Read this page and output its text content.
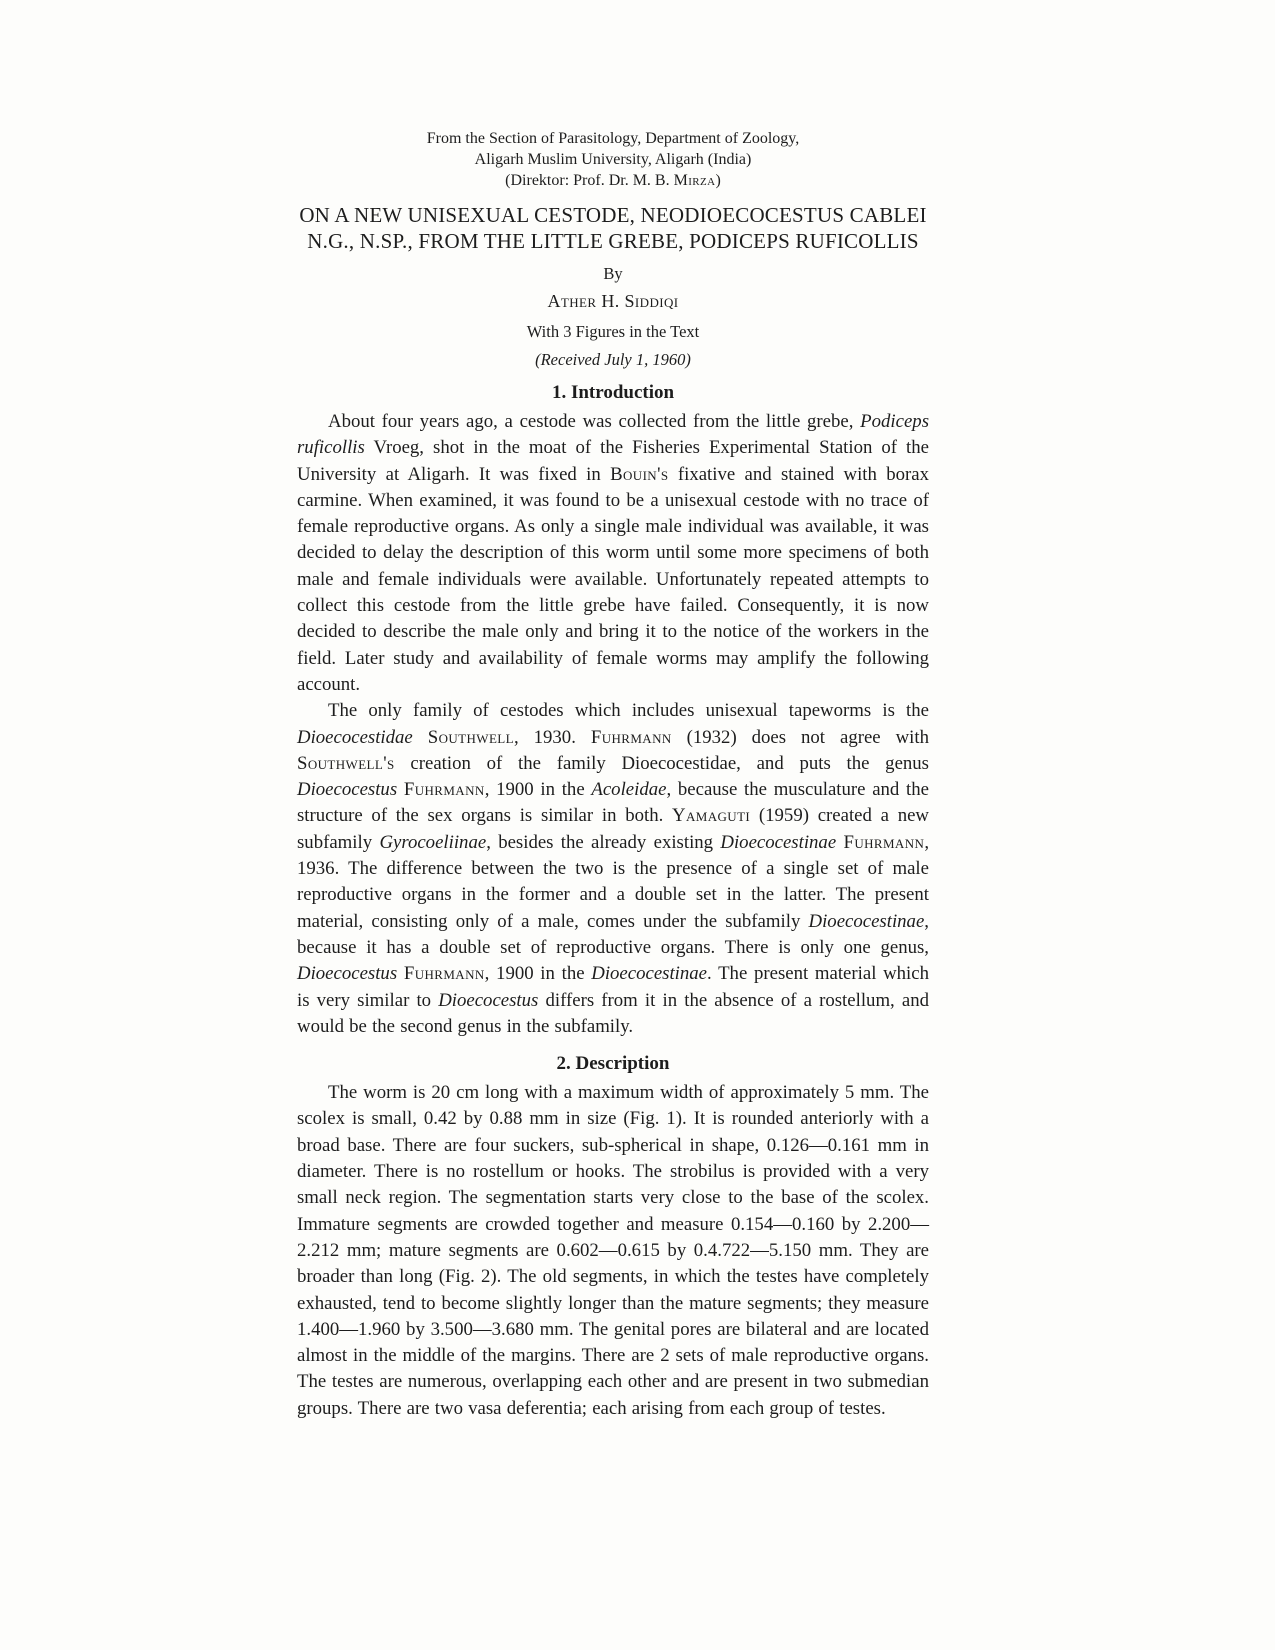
From the Section of Parasitology, Department of Zoology,
Aligarh Muslim University, Aligarh (India)
(Direktor: Prof. Dr. M. B. Mirza)
ON A NEW UNISEXUAL CESTODE, NEODIOECOCESTUS CABLEI
N.G., N.SP., FROM THE LITTLE GREBE, PODICEPS RUFICOLLIS
By
Ather H. Siddiqi
With 3 Figures in the Text
(Received July 1, 1960)
1. Introduction

About four years ago, a cestode was collected from the little grebe, Podiceps ruficollis Vroeg, shot in the moat of the Fisheries Experimental Station of the University at Aligarh. It was fixed in Bouin's fixative and stained with borax carmine. When examined, it was found to be a unisexual cestode with no trace of female reproductive organs. As only a single male individual was available, it was decided to delay the description of this worm until some more specimens of both male and female individuals were available. Unfortunately repeated attempts to collect this cestode from the little grebe have failed. Consequently, it is now decided to describe the male only and bring it to the notice of the workers in the field. Later study and availability of female worms may amplify the following account.

The only family of cestodes which includes unisexual tapeworms is the Dioecocestidae Southwell, 1930. Fuhrmann (1932) does not agree with Southwell's creation of the family Dioecocestidae, and puts the genus Dioecocestus Fuhrmann, 1900 in the Acoleidae, because the musculature and the structure of the sex organs is similar in both. Yamaguti (1959) created a new subfamily Gyrocoeliinae, besides the already existing Dioecocestinae Fuhrmann, 1936. The difference between the two is the presence of a single set of male reproductive organs in the former and a double set in the latter. The present material, consisting only of a male, comes under the subfamily Dioecocestinae, because it has a double set of reproductive organs. There is only one genus, Dioecocestus Fuhrmann, 1900 in the Dioecocestinae. The present material which is very similar to Dioecocestus differs from it in the absence of a rostellum, and would be the second genus in the subfamily.

2. Description

The worm is 20 cm long with a maximum width of approximately 5 mm. The scolex is small, 0.42 by 0.88 mm in size (Fig. 1). It is rounded anteriorly with a broad base. There are four suckers, sub-spherical in shape, 0.126—0.161 mm in diameter. There is no rostellum or hooks. The strobilus is provided with a very small neck region. The segmentation starts very close to the base of the scolex. Immature segments are crowded together and measure 0.154—0.160 by 2.200—2.212 mm; mature segments are 0.602—0.615 by 0.4.722—5.150 mm. They are broader than long (Fig. 2). The old segments, in which the testes have completely exhausted, tend to become slightly longer than the mature segments; they measure 1.400—1.960 by 3.500—3.680 mm. The genital pores are bilateral and are located almost in the middle of the margins. There are 2 sets of male reproductive organs. The testes are numerous, overlapping each other and are present in two submedian groups. There are two vasa deferentia; each arising from each group of testes.
